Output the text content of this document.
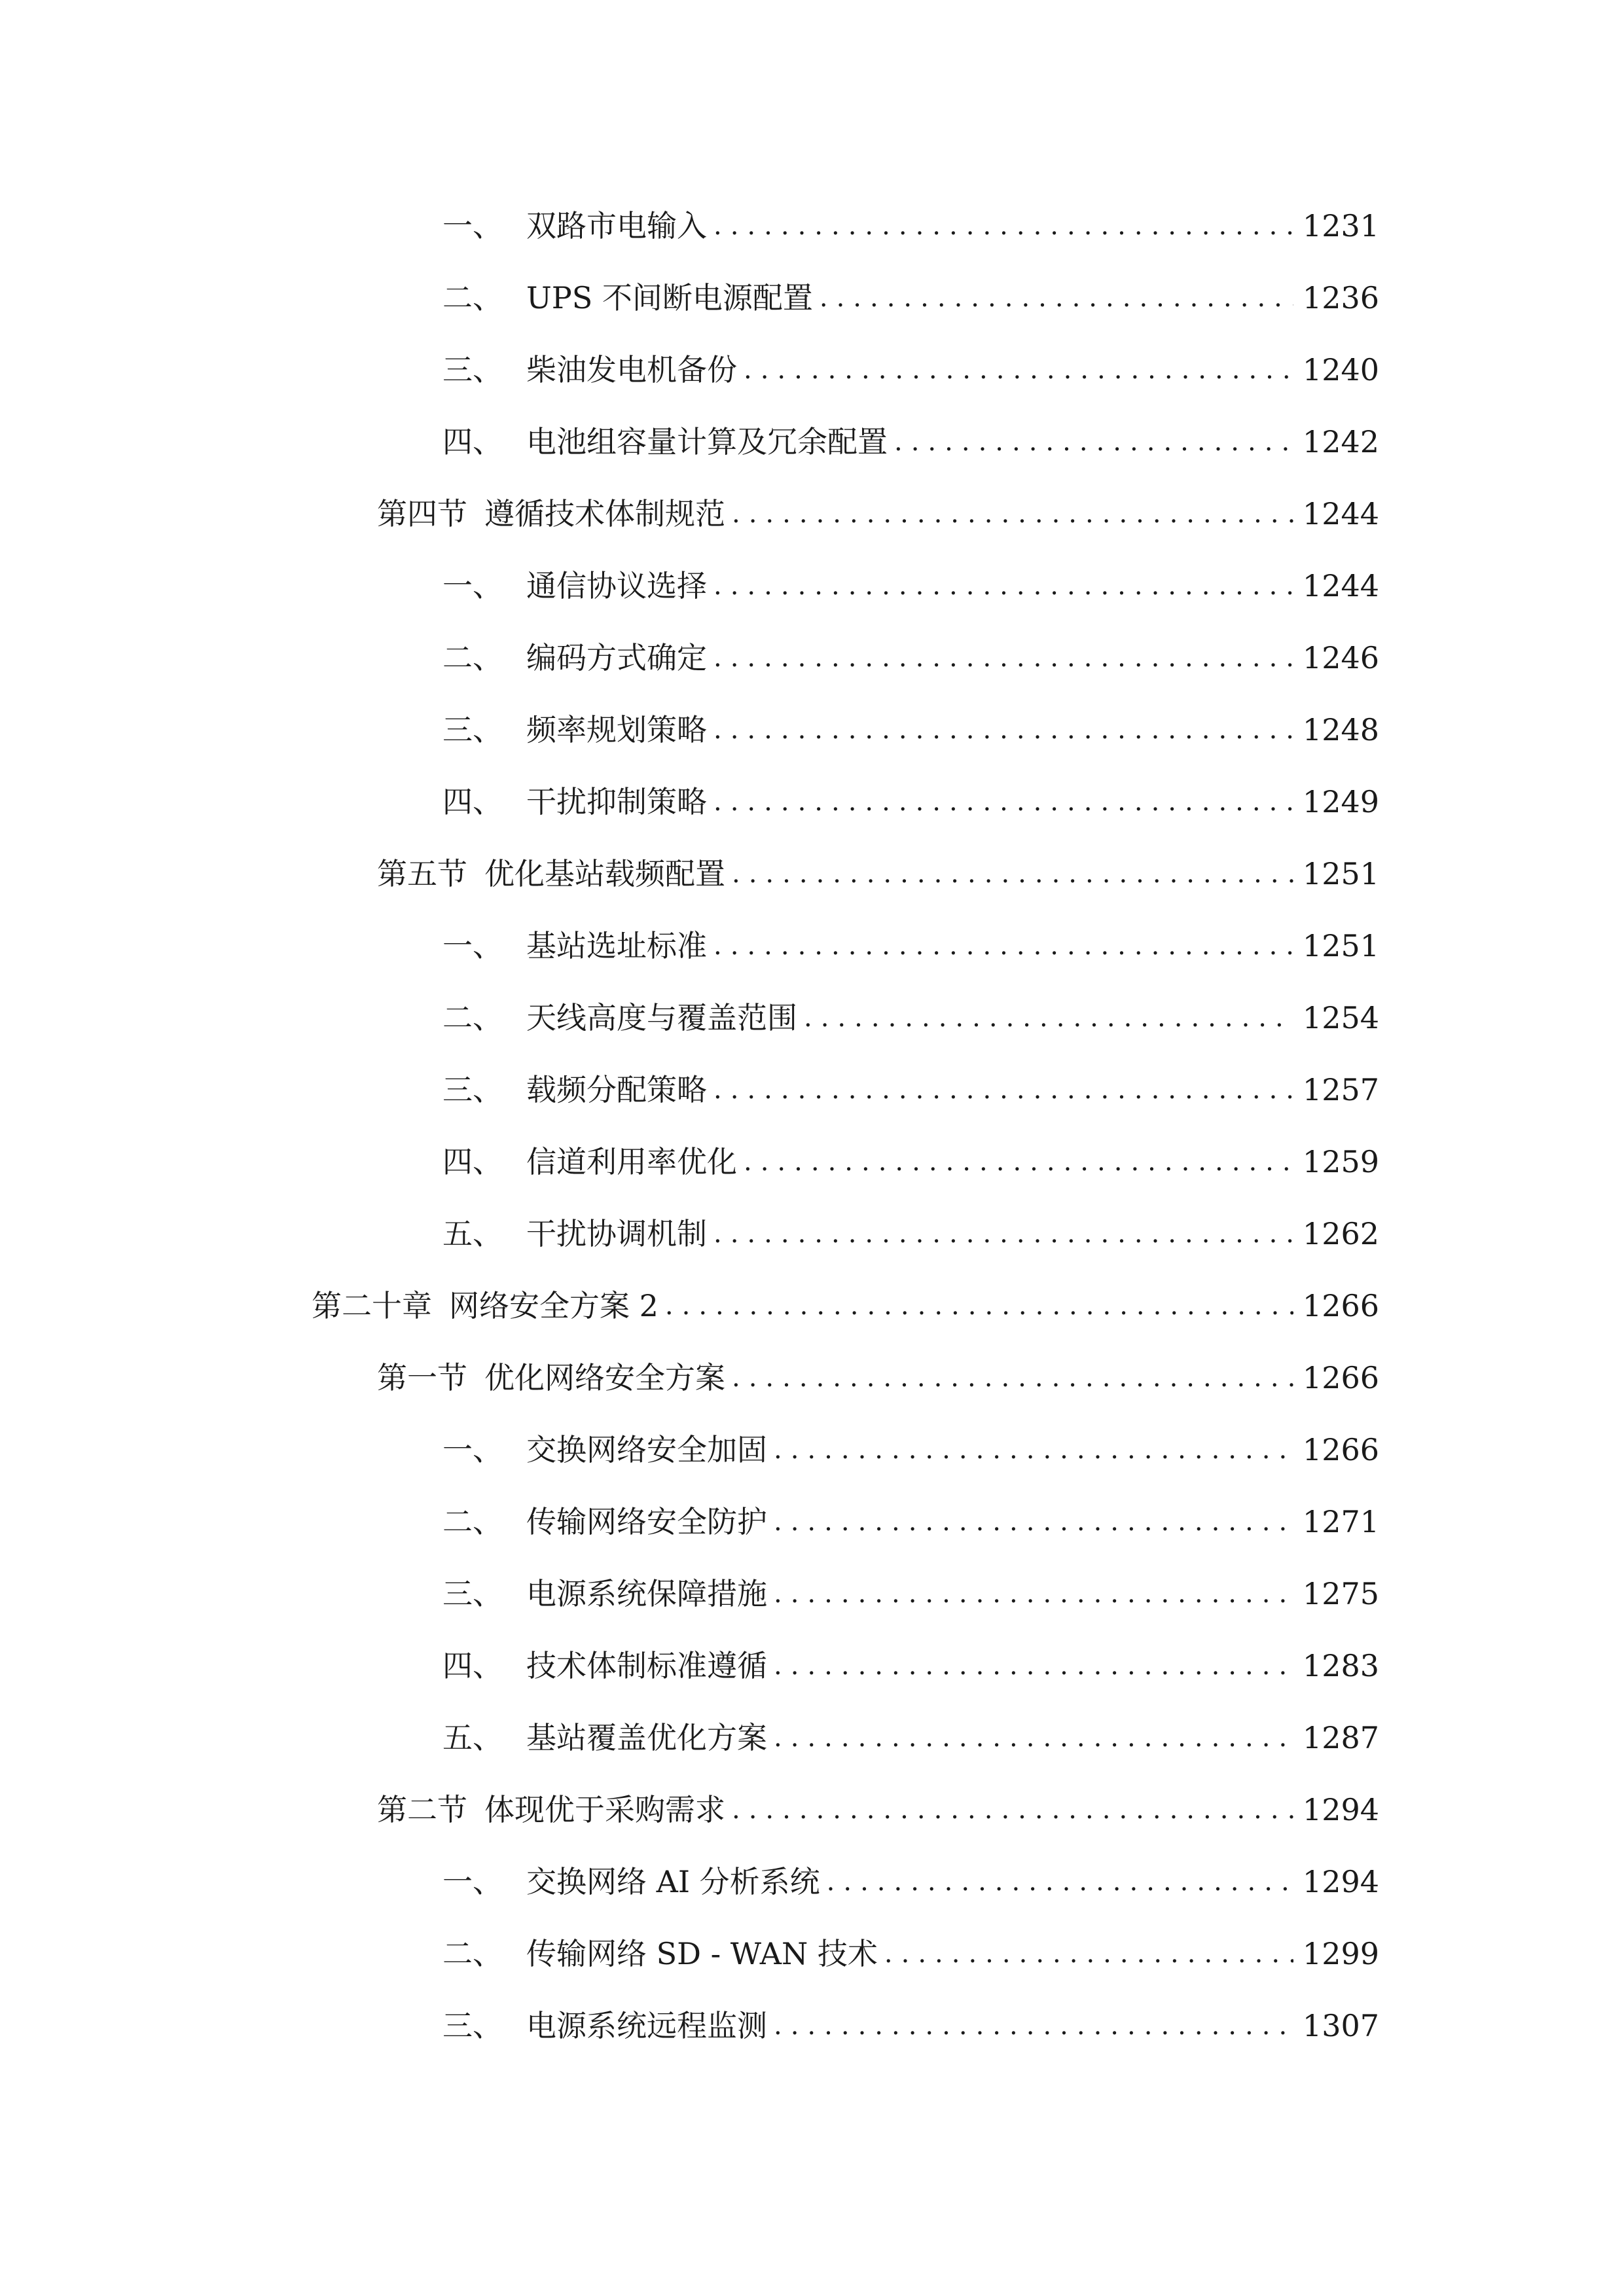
一、 双路市电输入 .....	1231
二、 UPS 不间断电源配置 .....	1236
三、 柴油发电机备份 .....	1240
四、 电池组容量计算及冗余配置 .....	1242
第四节 遵循技术体制规范 .....	1244
一、 通信协议选择 .....	1244
二、 编码方式确定 .....	1246
三、 频率规划策略 .....	1248
四、 干扰抑制策略 .....	1249
第五节 优化基站载频配置 .....	1251
一、 基站选址标准 .....	1251
二、 天线高度与覆盖范围 .....	1254
三、 载频分配策略 .....	1257
四、 信道利用率优化 .....	1259
五、 干扰协调机制 .....	1262
第二十章 网络安全方案 2 .....	1266
第一节 优化网络安全方案 .....	1266
一、 交换网络安全加固 .....	1266
二、 传输网络安全防护 .....	1271
三、 电源系统保障措施 .....	1275
四、 技术体制标准遵循 .....	1283
五、 基站覆盖优化方案 .....	1287
第二节 体现优于采购需求 .....	1294
一、 交换网络 AI 分析系统 .....	1294
二、 传输网络 SD - WAN 技术 .....	1299
三、 电源系统远程监测 .....	1307
